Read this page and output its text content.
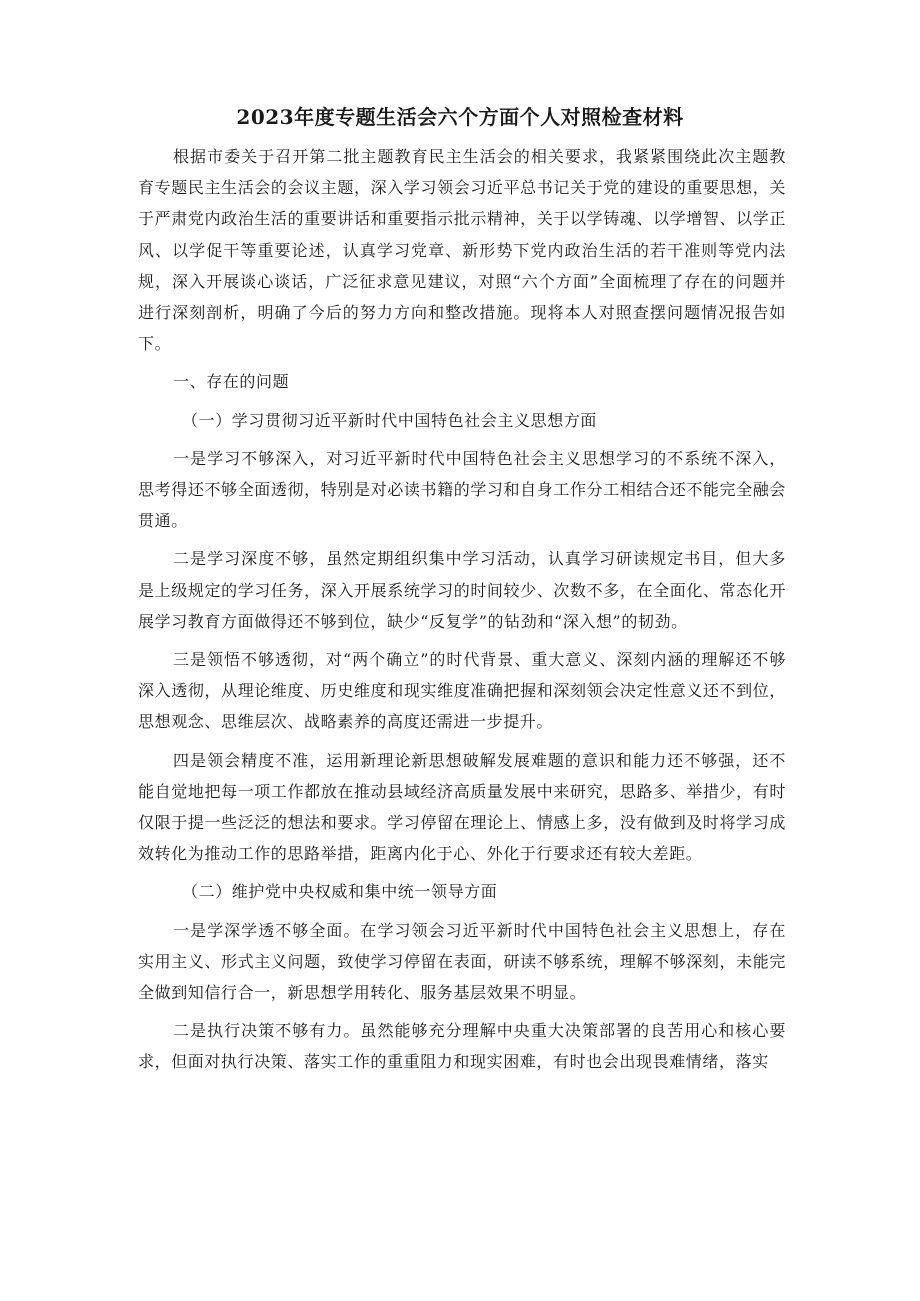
2023年度专题生活会六个方面个人对照检查材料

根据市委关于召开第二批主题教育民主生活会的相关要求，我紧紧围绕此次主题教育专题民主生活会的会议主题，深入学习领会习近平总书记关于党的建设的重要思想，关于严肃党内政治生活的重要讲话和重要指示批示精神，关于以学铸魂、以学增智、以学正风、以学促干等重要论述，认真学习党章、新形势下党内政治生活的若干准则等党内法规，深入开展谈心谈话，广泛征求意见建议，对照“六个方面”全面梳理了存在的问题并进行深刻剖析，明确了今后的努力方向和整改措施。现将本人对照查摆问题情况报告如下。

一、存在的问题

（一）学习贯彻习近平新时代中国特色社会主义思想方面

一是学习不够深入，对习近平新时代中国特色社会主义思想学习的不系统不深入，思考得还不够全面透彻，特别是对必读书籍的学习和自身工作分工相结合还不能完全融会贯通。

二是学习深度不够，虽然定期组织集中学习活动，认真学习研读规定书目，但大多是上级规定的学习任务，深入开展系统学习的时间较少、次数不多，在全面化、常态化开展学习教育方面做得还不够到位，缺少“反复学”的钻劲和“深入想”的韧劲。

三是领悟不够透彻，对“两个确立”的时代背景、重大意义、深刻内涵的理解还不够深入透彻，从理论维度、历史维度和现实维度准确把握和深刻领会决定性意义还不到位，思想观念、思维层次、战略素养的高度还需进一步提升。

四是领会精度不准，运用新理论新思想破解发展难题的意识和能力还不够强，还不能自觉地把每一项工作都放在推动县域经济高质量发展中来研究，思路多、举措少，有时仅限于提一些泛泛的想法和要求。学习停留在理论上、情感上多，没有做到及时将学习成效转化为推动工作的思路举措，距离内化于心、外化于行要求还有较大差距。

（二）维护党中央权威和集中统一领导方面

一是学深学透不够全面。在学习领会习近平新时代中国特色社会主义思想上，存在实用主义、形式主义问题，致使学习停留在表面，研读不够系统，理解不够深刻，未能完全做到知信行合一，新思想学用转化、服务基层效果不明显。

二是执行决策不够有力。虽然能够充分理解中央重大决策部署的良苦用心和核心要求，但面对执行决策、落实工作的重重阻力和现实困难，有时也会出现畏难情绪，落实
